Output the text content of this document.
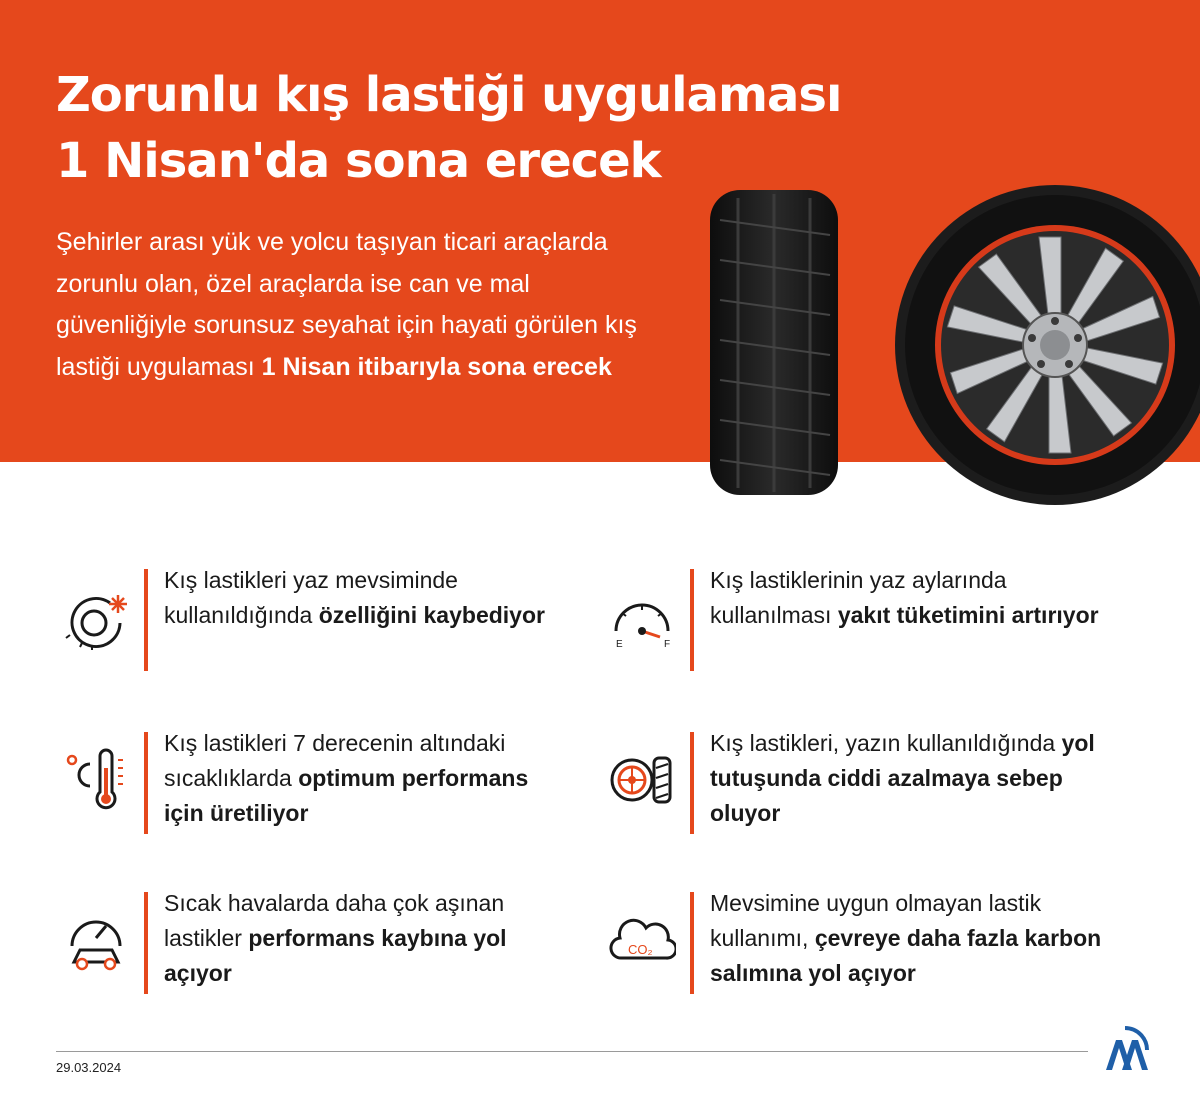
Zorunlu kış lastiği uygulaması
1 Nisan'da sona erecek

Şehirler arası yük ve yolcu taşıyan ticari araçlarda zorunlu olan, özel araçlarda ise can ve mal güvenliğiyle sorunsuz seyahat için hayati görülen kış lastiği uygulaması 1 Nisan itibarıyla sona erecek

Kış lastikleri yaz mevsiminde kullanıldığında özelliğini kaybediyor
E	F
Kış lastiklerinin yaz aylarında kullanılması yakıt tüketimini artırıyor
Kış lastikleri 7 derecenin altındaki sıcaklıklarda optimum performans için üretiliyor
Kış lastikleri, yazın kullanıldığında yol tutuşunda ciddi azalmaya sebep oluyor
Sıcak havalarda daha çok aşınan lastikler performans kaybına yol açıyor
CO₂
Mevsimine uygun olmayan lastik kullanımı, çevreye daha fazla karbon salımına yol açıyor
29.03.2024
